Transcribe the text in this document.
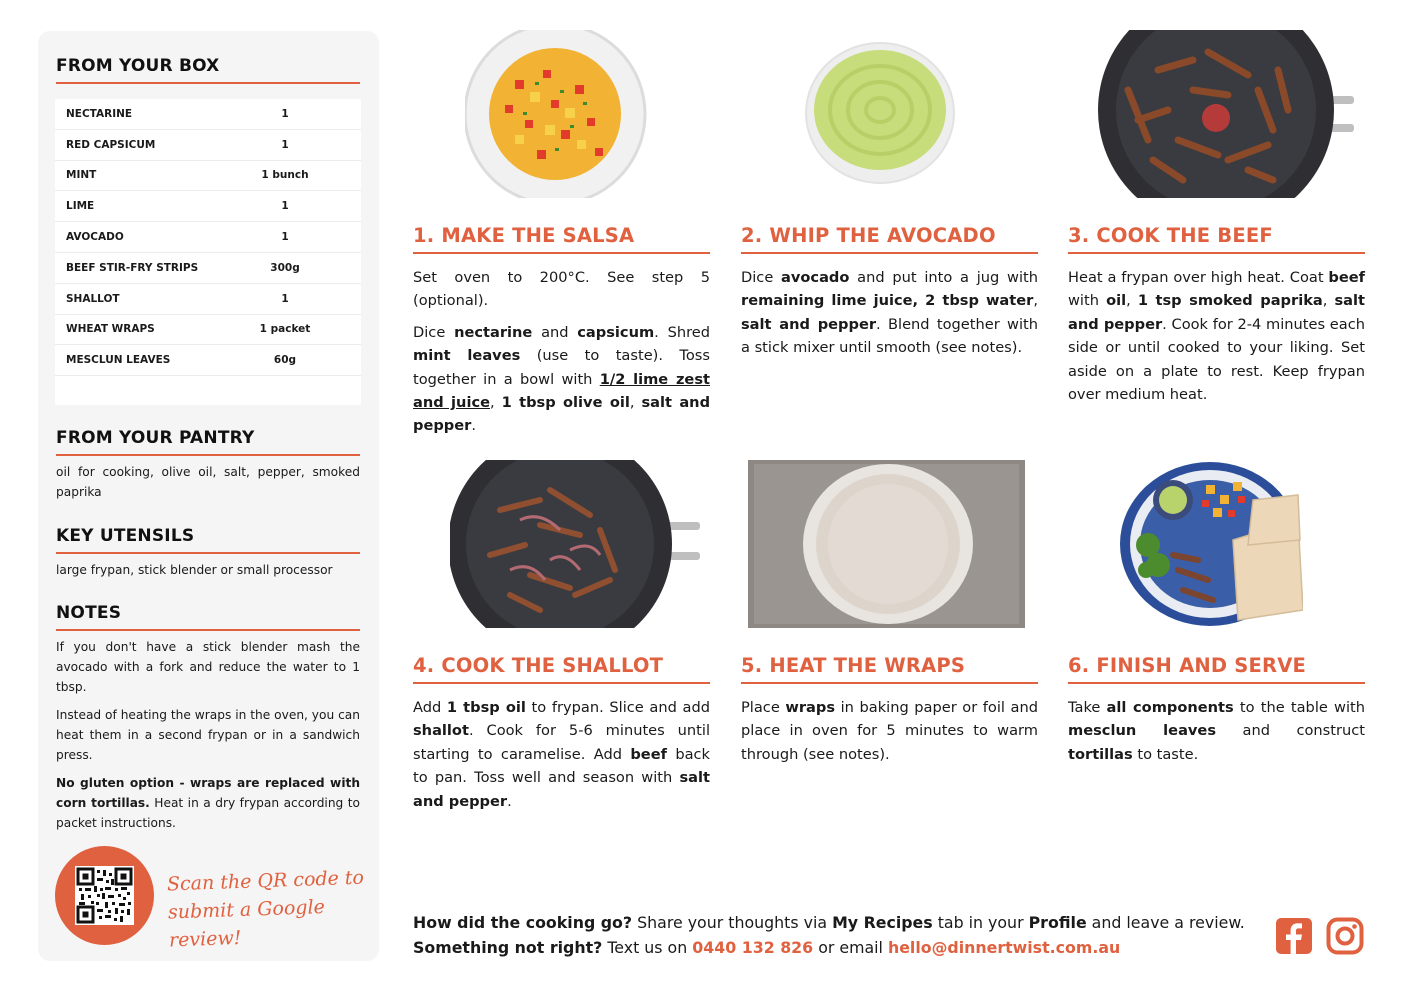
FROM YOUR BOX
NECTARINE	1
RED CAPSICUM	1
MINT	1 bunch
LIME	1
AVOCADO	1
BEEF STIR-FRY STRIPS	300g
SHALLOT	1
WHEAT WRAPS	1 packet
MESCLUN LEAVES	60g
FROM YOUR PANTRY
oil for cooking, olive oil, salt, pepper, smoked paprika
KEY UTENSILS
large frypan, stick blender or small processor
NOTES

If you don't have a stick blender mash the avocado with a fork and reduce the water to 1 tbsp.

Instead of heating the wraps in the oven, you can heat them in a second frypan or in a sandwich press.

No gluten option - wraps are replaced with corn tortillas. Heat in a dry frypan according to packet instructions.

Scan the QR code to
submit a Google review!
1. MAKE THE SALSA

Set oven to 200°C. See step 5 (optional).

Dice nectarine and capsicum. Shred mint leaves (use to taste). Toss together in a bowl with 1/2 lime zest and juice, 1 tbsp olive oil, salt and pepper.

2. WHIP THE AVOCADO

Dice avocado and put into a jug with remaining lime juice, 2 tbsp water, salt and pepper. Blend together with a stick mixer until smooth (see notes).

3. COOK THE BEEF

Heat a frypan over high heat. Coat beef with oil, 1 tsp smoked paprika, salt and pepper. Cook for 2-4 minutes each side or until cooked to your liking. Set aside on a plate to rest. Keep frypan over medium heat.

4. COOK THE SHALLOT

Add 1 tbsp oil to frypan. Slice and add shallot. Cook for 5-6 minutes until starting to caramelise. Add beef back to pan. Toss well and season with salt and pepper.

5. HEAT THE WRAPS

Place wraps in baking paper or foil and place in oven for 5 minutes to warm through (see notes).

6. FINISH AND SERVE

Take all components to the table with mesclun leaves and construct tortillas to taste.

How did the cooking go? Share your thoughts via My Recipes tab in your Profile and leave a review.
Something not right? Text us on 0440 132 826 or email hello@dinnertwist.com.au
